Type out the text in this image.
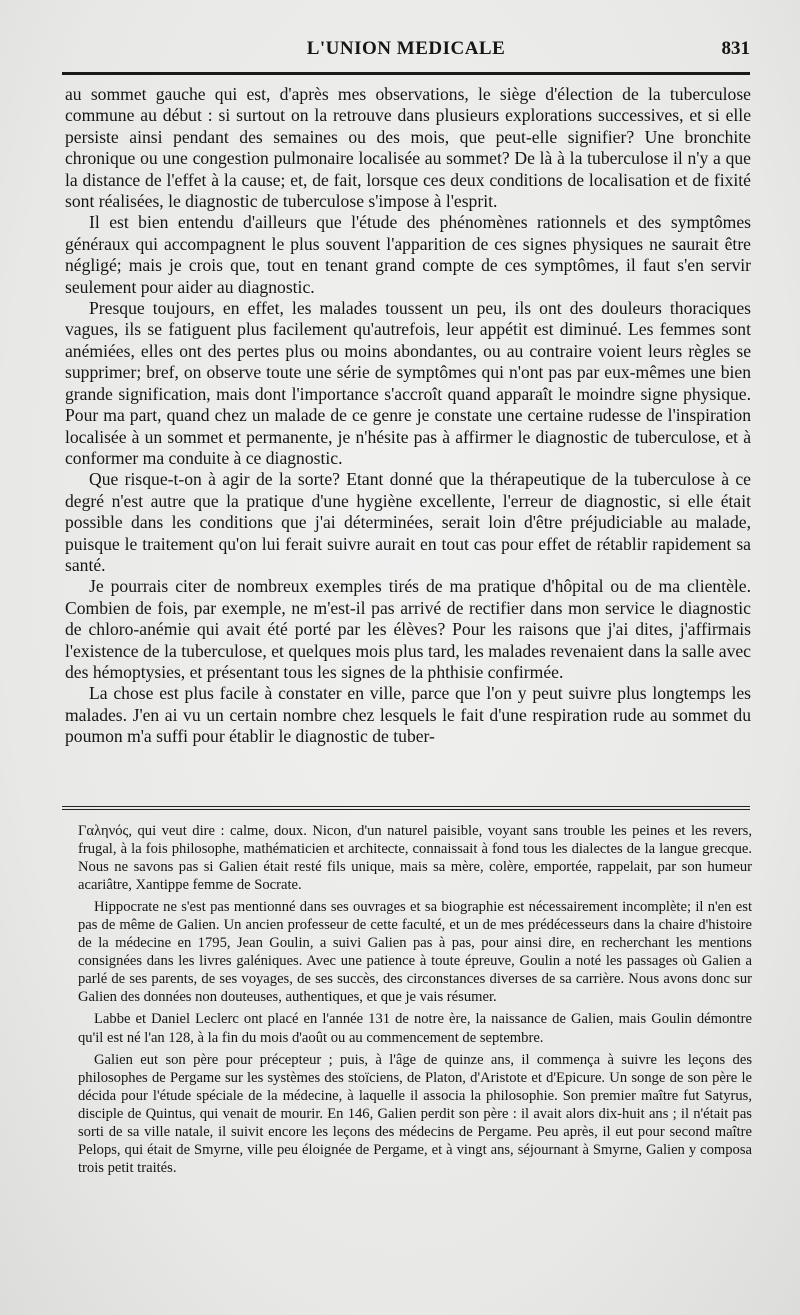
L'UNION MEDICALE	831

au sommet gauche qui est, d'après mes observations, le siège d'élection de la tuberculose commune au début : si surtout on la retrouve dans plusieurs explorations successives, et si elle persiste ainsi pendant des semaines ou des mois, que peut-elle signifier? Une bronchite chronique ou une congestion pulmonaire localisée au sommet? De là à la tuberculose il n'y a que la distance de l'effet à la cause; et, de fait, lorsque ces deux conditions de localisation et de fixité sont réalisées, le diagnostic de tuberculose s'impose à l'esprit.

Il est bien entendu d'ailleurs que l'étude des phénomènes rationnels et des symptômes généraux qui accompagnent le plus souvent l'apparition de ces signes physiques ne saurait être négligé; mais je crois que, tout en tenant grand compte de ces symptômes, il faut s'en servir seulement pour aider au diagnostic.

Presque toujours, en effet, les malades toussent un peu, ils ont des douleurs thoraciques vagues, ils se fatiguent plus facilement qu'autrefois, leur appétit est diminué. Les femmes sont anémiées, elles ont des pertes plus ou moins abondantes, ou au contraire voient leurs règles se supprimer; bref, on observe toute une série de symptômes qui n'ont pas par eux-mêmes une bien grande signification, mais dont l'importance s'accroît quand apparaît le moindre signe physique. Pour ma part, quand chez un malade de ce genre je constate une certaine rudesse de l'inspiration localisée à un sommet et permanente, je n'hésite pas à affirmer le diagnostic de tuberculose, et à conformer ma conduite à ce diagnostic.

Que risque-t-on à agir de la sorte? Etant donné que la thérapeutique de la tuberculose à ce degré n'est autre que la pratique d'une hygiène excellente, l'erreur de diagnostic, si elle était possible dans les conditions que j'ai déterminées, serait loin d'être préjudiciable au malade, puisque le traitement qu'on lui ferait suivre aurait en tout cas pour effet de rétablir rapidement sa santé.

Je pourrais citer de nombreux exemples tirés de ma pratique d'hôpital ou de ma clientèle. Combien de fois, par exemple, ne m'est-il pas arrivé de rectifier dans mon service le diagnostic de chloro-anémie qui avait été porté par les élèves? Pour les raisons que j'ai dites, j'affirmais l'existence de la tuberculose, et quelques mois plus tard, les malades revenaient dans la salle avec des hémoptysies, et présentant tous les signes de la phthisie confirmée.

La chose est plus facile à constater en ville, parce que l'on y peut suivre plus longtemps les malades. J'en ai vu un certain nombre chez lesquels le fait d'une respiration rude au sommet du poumon m'a suffi pour établir le diagnostic de tuber-

Γαληνός, qui veut dire : calme, doux. Nicon, d'un naturel paisible, voyant sans trouble les peines et les revers, frugal, à la fois philosophe, mathématicien et architecte, connaissait à fond tous les dialectes de la langue grecque. Nous ne savons pas si Galien était resté fils unique, mais sa mère, colère, emportée, rappelait, par son humeur acariâtre, Xantippe femme de Socrate.

Hippocrate ne s'est pas mentionné dans ses ouvrages et sa biographie est nécessairement incomplète; il n'en est pas de même de Galien. Un ancien professeur de cette faculté, et un de mes prédécesseurs dans la chaire d'histoire de la médecine en 1795, Jean Goulin, a suivi Galien pas à pas, pour ainsi dire, en recherchant les mentions consignées dans les livres galéniques. Avec une patience à toute épreuve, Goulin a noté les passages où Galien a parlé de ses parents, de ses voyages, de ses succès, des circonstances diverses de sa carrière. Nous avons donc sur Galien des données non douteuses, authentiques, et que je vais résumer.

Labbe et Daniel Leclerc ont placé en l'année 131 de notre ère, la naissance de Galien, mais Goulin démontre qu'il est né l'an 128, à la fin du mois d'août ou au commencement de septembre.

Galien eut son père pour précepteur ; puis, à l'âge de quinze ans, il commença à suivre les leçons des philosophes de Pergame sur les systèmes des stoïciens, de Platon, d'Aristote et d'Epicure. Un songe de son père le décida pour l'étude spéciale de la médecine, à laquelle il associa la philosophie. Son premier maître fut Satyrus, disciple de Quintus, qui venait de mourir. En 146, Galien perdit son père : il avait alors dix-huit ans ; il n'était pas sorti de sa ville natale, il suivit encore les leçons des médecins de Pergame. Peu après, il eut pour second maître Pelops, qui était de Smyrne, ville peu éloignée de Pergame, et à vingt ans, séjournant à Smyrne, Galien y composa trois petit traités.
